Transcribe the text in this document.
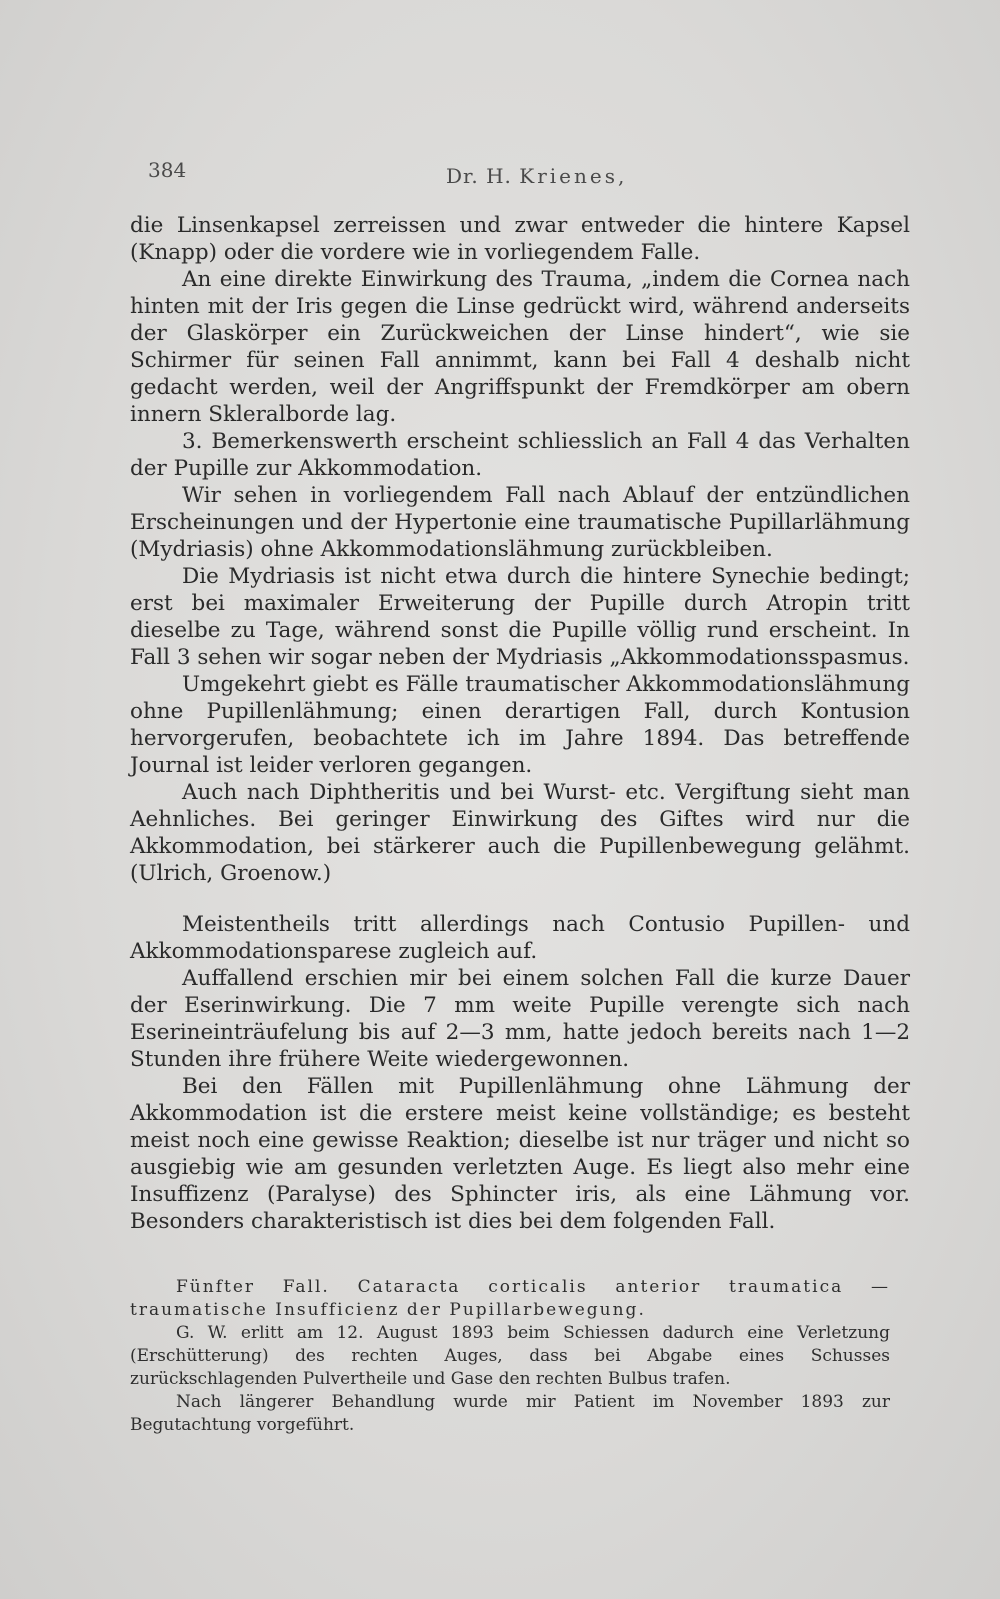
384	Dr. H. Krienes,

die Linsenkapsel zerreissen und zwar entweder die hintere Kapsel (Knapp) oder die vordere wie in vorliegendem Falle.

An eine direkte Einwirkung des Trauma, „indem die Cornea nach hinten mit der Iris gegen die Linse gedrückt wird, während anderseits der Glaskörper ein Zurückweichen der Linse hindert“, wie sie Schirmer für seinen Fall annimmt, kann bei Fall 4 deshalb nicht gedacht werden, weil der Angriffspunkt der Fremdkörper am obern innern Skleralborde lag.

3. Bemerkenswerth erscheint schliesslich an Fall 4 das Verhalten der Pupille zur Akkommodation.

Wir sehen in vorliegendem Fall nach Ablauf der entzündlichen Erscheinungen und der Hypertonie eine traumatische Pupillarlähmung (Mydriasis) ohne Akkommodationslähmung zurückbleiben.

Die Mydriasis ist nicht etwa durch die hintere Synechie bedingt; erst bei maximaler Erweiterung der Pupille durch Atropin tritt dieselbe zu Tage, während sonst die Pupille völlig rund erscheint. In Fall 3 sehen wir sogar neben der Mydriasis „Akkommodationsspasmus.

Umgekehrt giebt es Fälle traumatischer Akkommodationslähmung ohne Pupillenlähmung; einen derartigen Fall, durch Kontusion hervorgerufen, beobachtete ich im Jahre 1894. Das betreffende Journal ist leider verloren gegangen.

Auch nach Diphtheritis und bei Wurst- etc. Vergiftung sieht man Aehnliches. Bei geringer Einwirkung des Giftes wird nur die Akkommodation, bei stärkerer auch die Pupillenbewegung gelähmt. (Ulrich, Groenow.)

Meistentheils tritt allerdings nach Contusio Pupillen- und Akkommodationsparese zugleich auf.

Auffallend erschien mir bei einem solchen Fall die kurze Dauer der Eserinwirkung. Die 7 mm weite Pupille verengte sich nach Eserineinträufelung bis auf 2—3 mm, hatte jedoch bereits nach 1—2 Stunden ihre frühere Weite wiedergewonnen.

Bei den Fällen mit Pupillenlähmung ohne Lähmung der Akkommodation ist die erstere meist keine vollständige; es besteht meist noch eine gewisse Reaktion; dieselbe ist nur träger und nicht so ausgiebig wie am gesunden verletzten Auge. Es liegt also mehr eine Insuffizenz (Paralyse) des Sphincter iris, als eine Lähmung vor. Besonders charakteristisch ist dies bei dem folgenden Fall.

Fünfter Fall. Cataracta corticalis anterior traumatica — traumatische Insufficienz der Pupillarbewegung.

G. W. erlitt am 12. August 1893 beim Schiessen dadurch eine Verletzung (Erschütterung) des rechten Auges, dass bei Abgabe eines Schusses zurückschlagenden Pulvertheile und Gase den rechten Bulbus trafen.

Nach längerer Behandlung wurde mir Patient im November 1893 zur Begutachtung vorgeführt.
